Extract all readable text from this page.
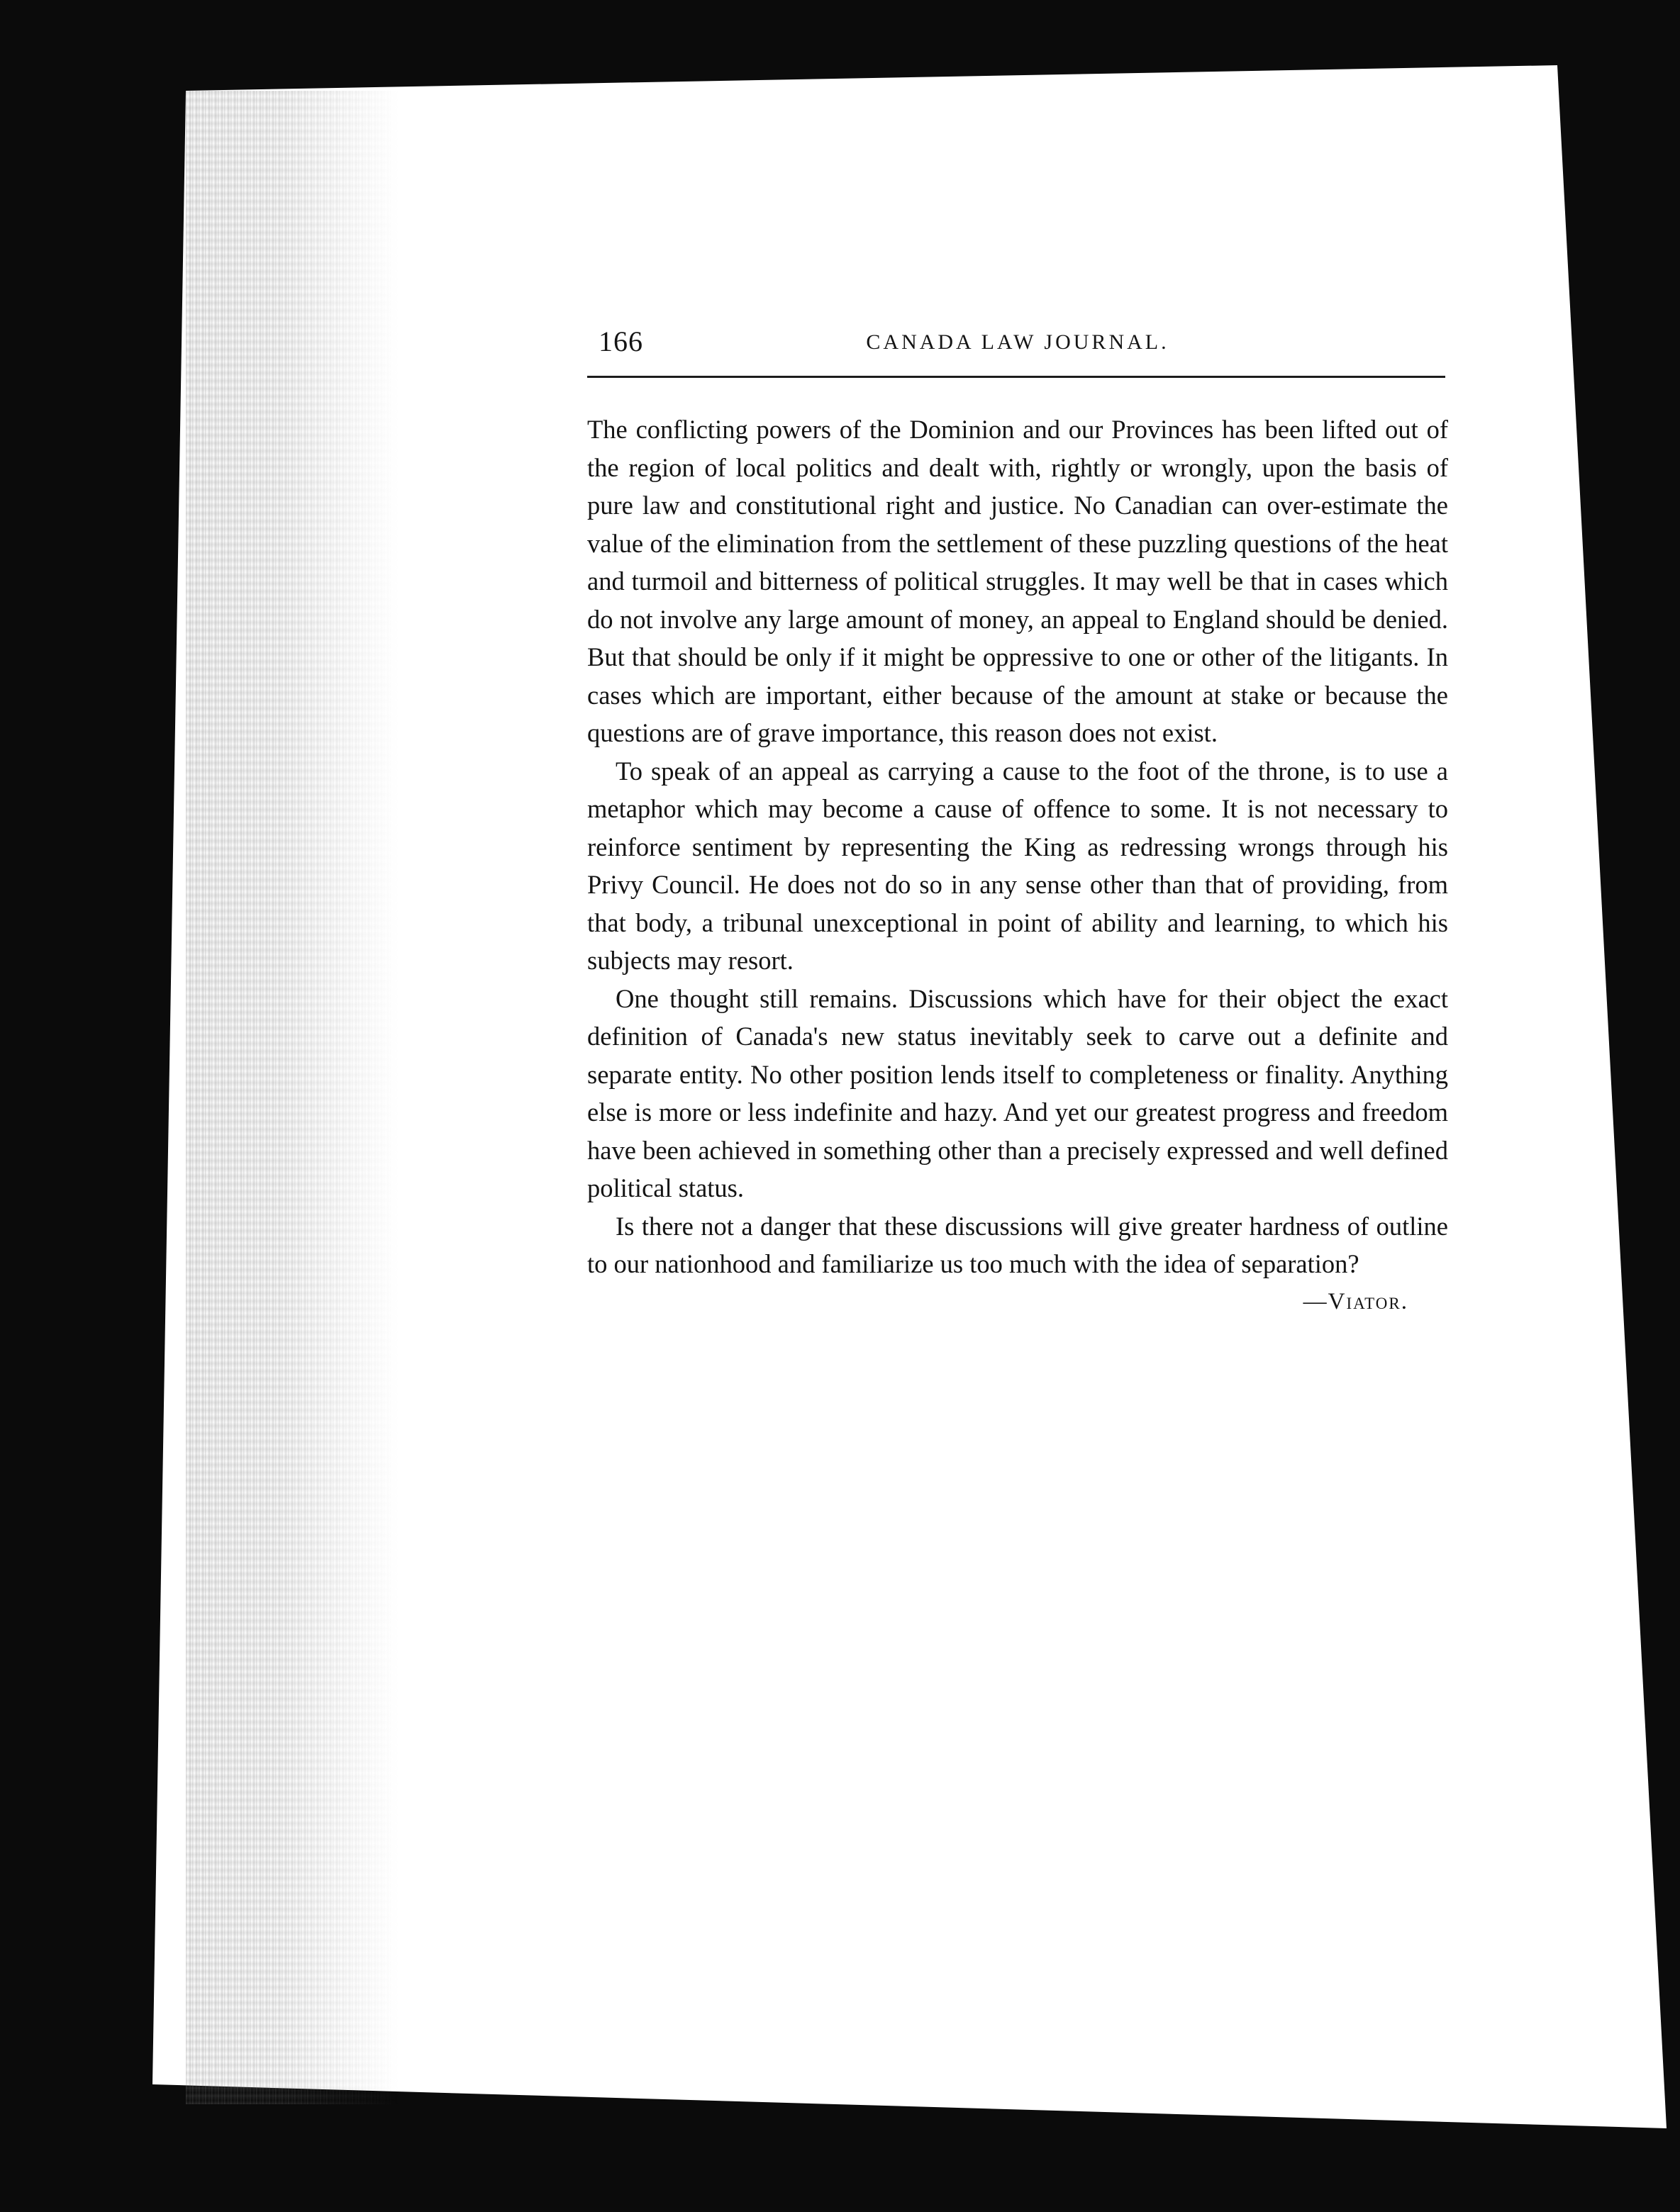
166	CANADA LAW JOURNAL.

The conflicting powers of the Dominion and our Provinces has been lifted out of the region of local politics and dealt with, rightly or wrongly, upon the basis of pure law and constitutional right and justice. No Canadian can over-estimate the value of the elimination from the settlement of these puzzling questions of the heat and turmoil and bitterness of political struggles. It may well be that in cases which do not involve any large amount of money, an appeal to England should be denied. But that should be only if it might be oppressive to one or other of the litigants. In cases which are important, either because of the amount at stake or because the questions are of grave importance, this reason does not exist.

To speak of an appeal as carrying a cause to the foot of the throne, is to use a metaphor which may become a cause of offence to some. It is not necessary to reinforce sentiment by representing the King as redressing wrongs through his Privy Council. He does not do so in any sense other than that of providing, from that body, a tribunal unexceptional in point of ability and learning, to which his subjects may resort.

One thought still remains. Discussions which have for their object the exact definition of Canada's new status inevitably seek to carve out a definite and separate entity. No other position lends itself to completeness or finality. Anything else is more or less indefinite and hazy. And yet our greatest progress and freedom have been achieved in something other than a precisely expressed and well defined political status.

Is there not a danger that these discussions will give greater hardness of outline to our nationhood and familiarize us too much with the idea of separation?

—Viator.
